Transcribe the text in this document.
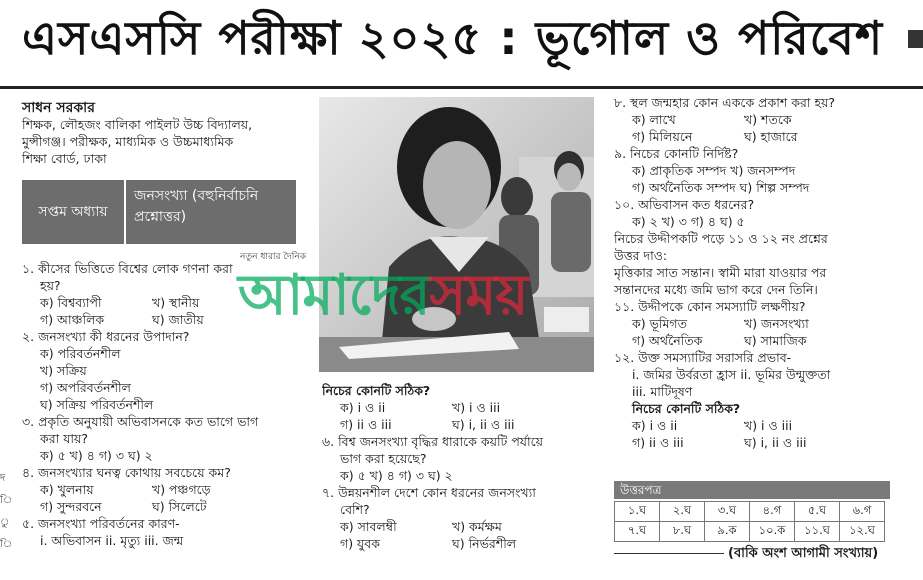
এসএসসি পরীক্ষা ২০২৫ : ভূগোল ও পরিবেশ
সাধন সরকার
শিক্ষক, লৌহজং বালিকা পাইলট উচ্চ বিদ্যালয়,
মুন্সীগঞ্জ। পরীক্ষক, মাধ্যমিক ও উচ্চমাধ্যমিক
শিক্ষা বোর্ড, ঢাকা
সপ্তম অধ্যায়
জনসংখ্যা (বহুনির্বাচনি
প্রশ্নোত্তর)
দ
ি
ু
ি
১. কীসের ভিত্তিতে বিশ্বের লোক গণনা করা
হয়?
ক) বিশ্বব্যাপী	খ) স্থানীয়
গ) আঞ্চলিক	ঘ) জাতীয়
২. জনসংখ্যা কী ধরনের উপাদান?
ক) পরিবর্তনশীল
খ) সক্রিয়
গ) অপরিবর্তনশীল
ঘ) সক্রিয় পরিবর্তনশীল
৩. প্রকৃতি অনুযায়ী অভিবাসনকে কত ভাগে ভাগ
করা যায়?
ক) ৫ খ) ৪ গ) ৩ ঘ) ২
৪. জনসংখ্যার ঘনত্ব কোথায় সবচেয়ে কম?
ক) খুলনায়	খ) পঞ্চগড়ে
গ) সুন্দরবনে	ঘ) সিলেটে
৫. জনসংখ্যা পরিবর্তনের কারণ-
i. অভিবাসন ii. মৃত্যু iii. জন্ম
নিচের কোনটি সঠিক?
ক) i ও ii	খ) i ও iii
গ) ii ও iii	ঘ) i, ii ও iii
৬. বিশ্ব জনসংখ্যা বৃদ্ধির ধারাকে কয়টি পর্যায়ে
ভাগ করা হয়েছে?
ক) ৫ খ) ৪ গ) ৩ ঘ) ২
৭. উন্নয়নশীল দেশে কোন ধরনের জনসংখ্যা
বেশি?
ক) সাবলম্বী	খ) কর্মক্ষম
গ) যুবক	ঘ) নির্ভরশীল
৮. স্থল জন্মহার কোন এককে প্রকাশ করা হয়?
ক) লাখে	খ) শতকে
গ) মিলিয়নে	ঘ) হাজারে
৯. নিচের কোনটি নির্দিষ্ট?
ক) প্রাকৃতিক সম্পদ খ) জনসম্পদ
গ) অর্থনৈতিক সম্পদ ঘ) শিল্প সম্পদ
১০. অভিবাসন কত ধরনের?
ক) ২ খ) ৩ গ) ৪ ঘ) ৫
নিচের উদ্দীপকটি পড়ে ১১ ও ১২ নং প্রশ্নের
উত্তর দাও:
মৃত্তিকার সাত সন্তান। স্বামী মারা যাওয়ার পর
সন্তানদের মধ্যে জমি ভাগ করে দেন তিনি।
১১. উদ্দীপকে কোন সমস্যাটি লক্ষণীয়?
ক) ভূমিগত	খ) জনসংখ্যা
গ) অর্থনৈতিক	ঘ) সামাজিক
১২. উক্ত সমস্যাটির সরাসরি প্রভাব-
i. জমির উর্বরতা হ্রাস ii. ভূমির উন্মুক্ততা
iii. মাটিদূষণ
নিচের কোনটি সঠিক?
ক) i ও ii	খ) i ও iii
গ) ii ও iii	ঘ) i, ii ও iii
নতুন ধারার দৈনিক
আমাদেরসময়
উত্তরপত্র
১.ঘ	২.ঘ	৩.ঘ	৪.গ	৫.ঘ	৬.গ
৭.ঘ	৮.ঘ	৯.ক	১০.ক	১১.ঘ	১২.ঘ
(বাকি অংশ আগামী সংখ্যায়)
